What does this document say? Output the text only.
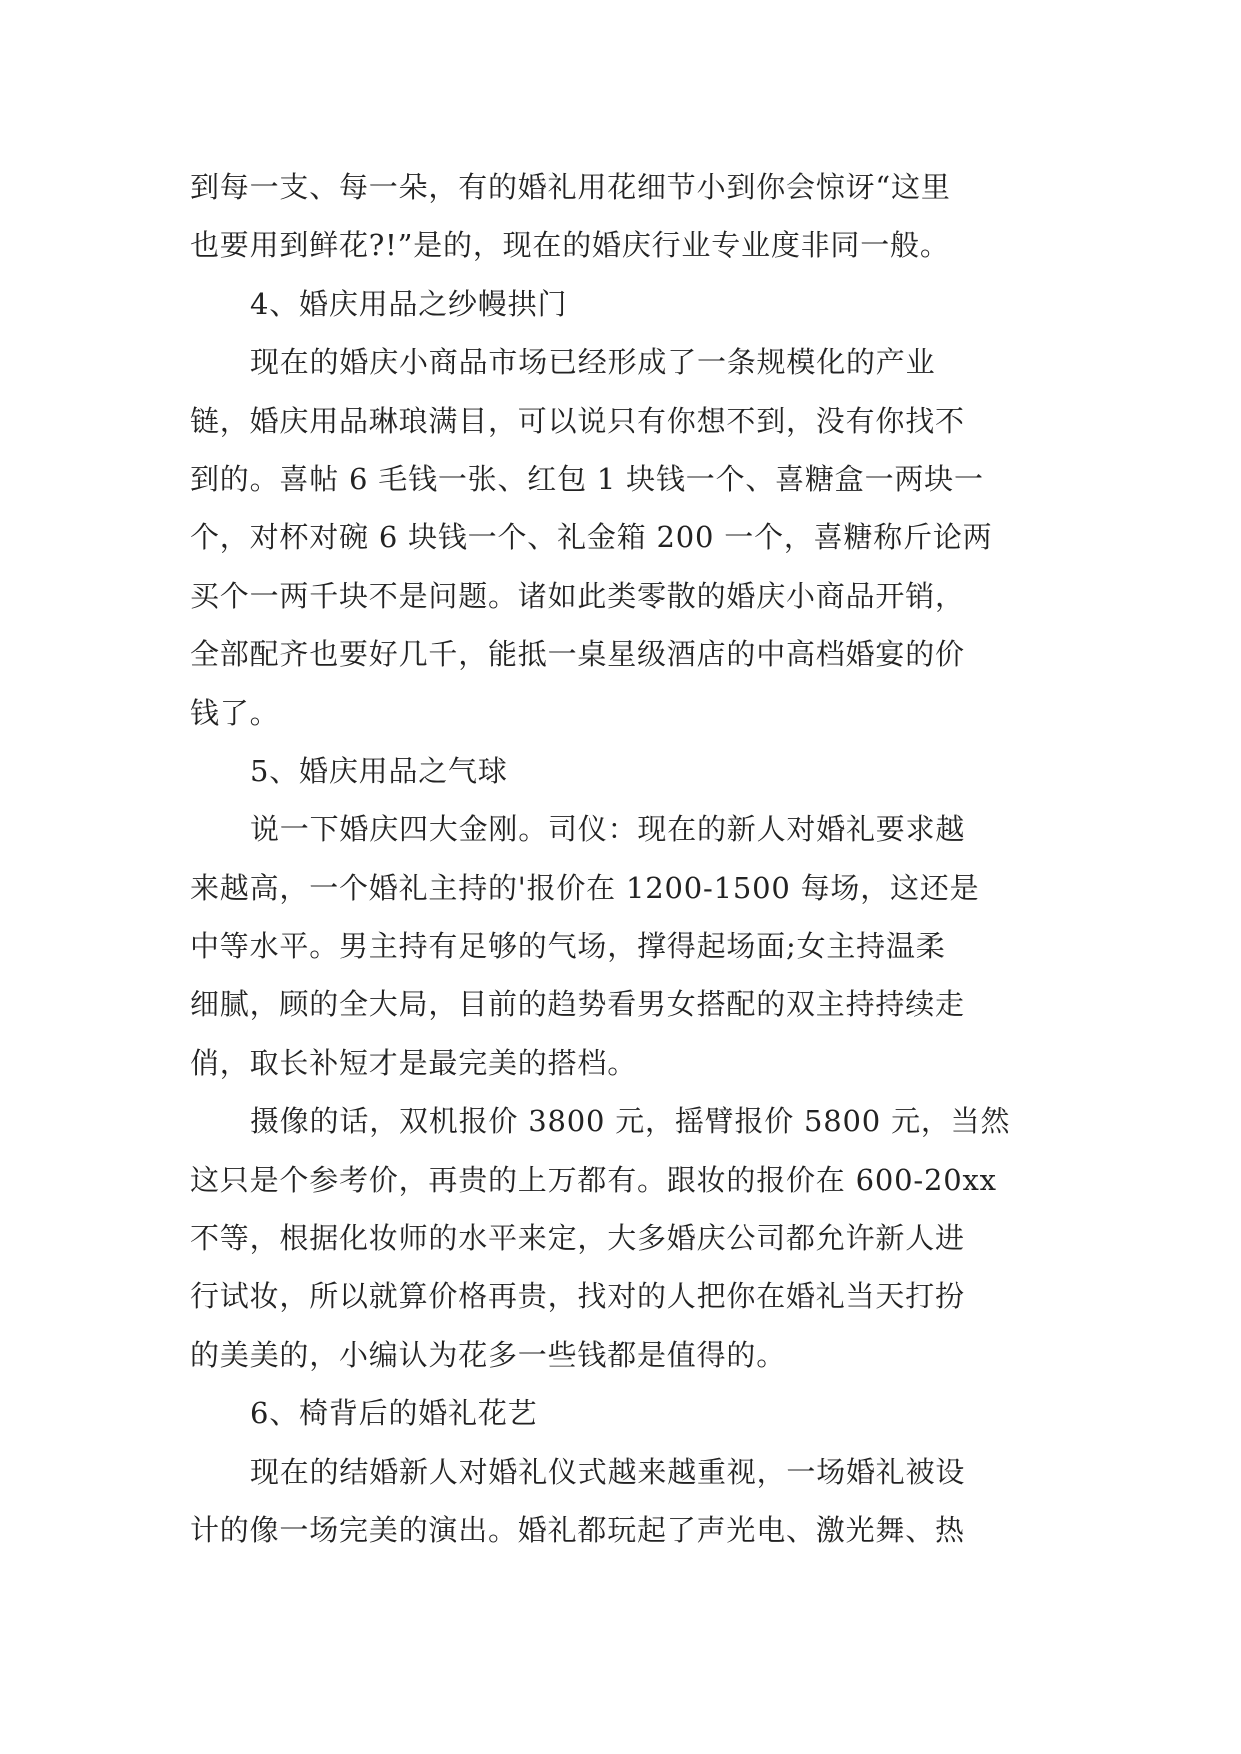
到每一支、每一朵，有的婚礼用花细节小到你会惊讶“这里
也要用到鲜花?!”是的，现在的婚庆行业专业度非同一般。
4、婚庆用品之纱幔拱门
现在的婚庆小商品市场已经形成了一条规模化的产业
链，婚庆用品琳琅满目，可以说只有你想不到，没有你找不
到的。喜帖 6 毛钱一张、红包 1 块钱一个、喜糖盒一两块一
个，对杯对碗 6 块钱一个、礼金箱 200 一个，喜糖称斤论两
买个一两千块不是问题。诸如此类零散的婚庆小商品开销，
全部配齐也要好几千，能抵一桌星级酒店的中高档婚宴的价
钱了。
5、婚庆用品之气球
说一下婚庆四大金刚。司仪：现在的新人对婚礼要求越
来越高，一个婚礼主持的'报价在 1200-1500 每场，这还是
中等水平。男主持有足够的气场，撑得起场面;女主持温柔
细腻，顾的全大局，目前的趋势看男女搭配的双主持持续走
俏，取长补短才是最完美的搭档。
摄像的话，双机报价 3800 元，摇臂报价 5800 元，当然
这只是个参考价，再贵的上万都有。跟妆的报价在 600-20xx
不等，根据化妆师的水平来定，大多婚庆公司都允许新人进
行试妆，所以就算价格再贵，找对的人把你在婚礼当天打扮
的美美的，小编认为花多一些钱都是值得的。
6、椅背后的婚礼花艺
现在的结婚新人对婚礼仪式越来越重视，一场婚礼被设
计的像一场完美的演出。婚礼都玩起了声光电、激光舞、热
